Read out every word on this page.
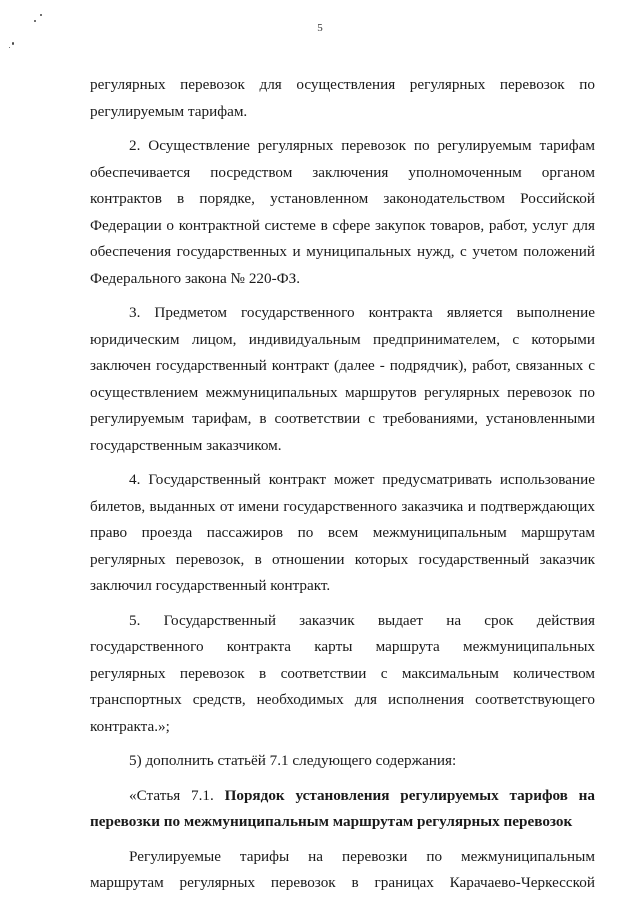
5
регулярных перевозок для осуществления регулярных перевозок по
регулируемым тарифам.
2. Осуществление регулярных перевозок по регулируемым тарифам
обеспечивается посредством заключения уполномоченным органом
контрактов в порядке, установленном законодательством Российской
Федерации о контрактной системе в сфере закупок товаров, работ, услуг для
обеспечения государственных и муниципальных нужд, с учетом положений
Федерального закона № 220-ФЗ.
3. Предметом государственного контракта является выполнение
юридическим лицом, индивидуальным предпринимателем, с которыми
заключен государственный контракт (далее - подрядчик), работ, связанных с
осуществлением межмуниципальных маршрутов регулярных перевозок по
регулируемым тарифам, в соответствии с требованиями, установленными
государственным заказчиком.
4. Государственный контракт может предусматривать использование
билетов, выданных от имени государственного заказчика и подтверждающих
право проезда пассажиров по всем межмуниципальным маршрутам
регулярных перевозок, в отношении которых государственный заказчик
заключил государственный контракт.
5. Государственный заказчик выдает на срок действия
государственного контракта карты маршрута межмуниципальных
регулярных перевозок в соответствии с максимальным количеством
транспортных средств, необходимых для исполнения соответствующего
контракта.»;
5) дополнить статьёй 7.1 следующего содержания:
«Статья 7.1. Порядок установления регулируемых тарифов на
перевозки по межмуниципальным маршрутам регулярных перевозок
Регулируемые тарифы на перевозки по межмуниципальным
маршрутам регулярных перевозок в границах Карачаево-Черкесской
